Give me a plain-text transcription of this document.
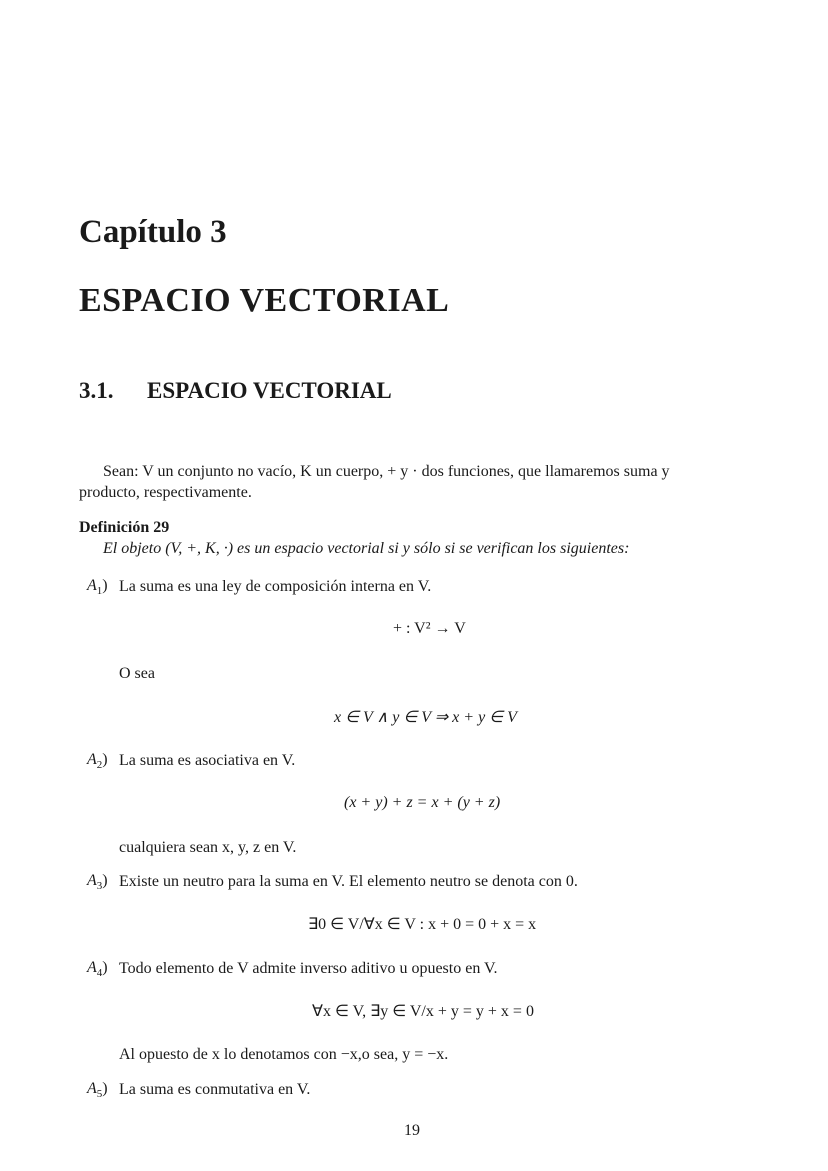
Capítulo 3
ESPACIO VECTORIAL
3.1. ESPACIO VECTORIAL
Sean: V un conjunto no vacío, K un cuerpo, + y · dos funciones, que llamaremos suma y
producto, respectivamente.
Definición 29
El objeto (V, +, K, ·) es un espacio vectorial si y sólo si se verifican los siguientes:
$A_1$) La suma es una ley de composición interna en V.
+ : V² → V
O sea
x ∈ V ∧ y ∈ V ⇒ x + y ∈ V
$A_2$) La suma es asociativa en V.
(x + y) + z = x + (y + z)
cualquiera sean x, y, z en V.
$A_3$) Existe un neutro para la suma en V. El elemento neutro se denota con 0.
∃0 ∈ V/∀x ∈ V : x + 0 = 0 + x = x
$A_4$) Todo elemento de V admite inverso aditivo u opuesto en V.
∀x ∈ V, ∃y ∈ V/x + y = y + x = 0
Al opuesto de x lo denotamos con −x,o sea, y = −x.
$A_5$) La suma es conmutativa en V.
19
